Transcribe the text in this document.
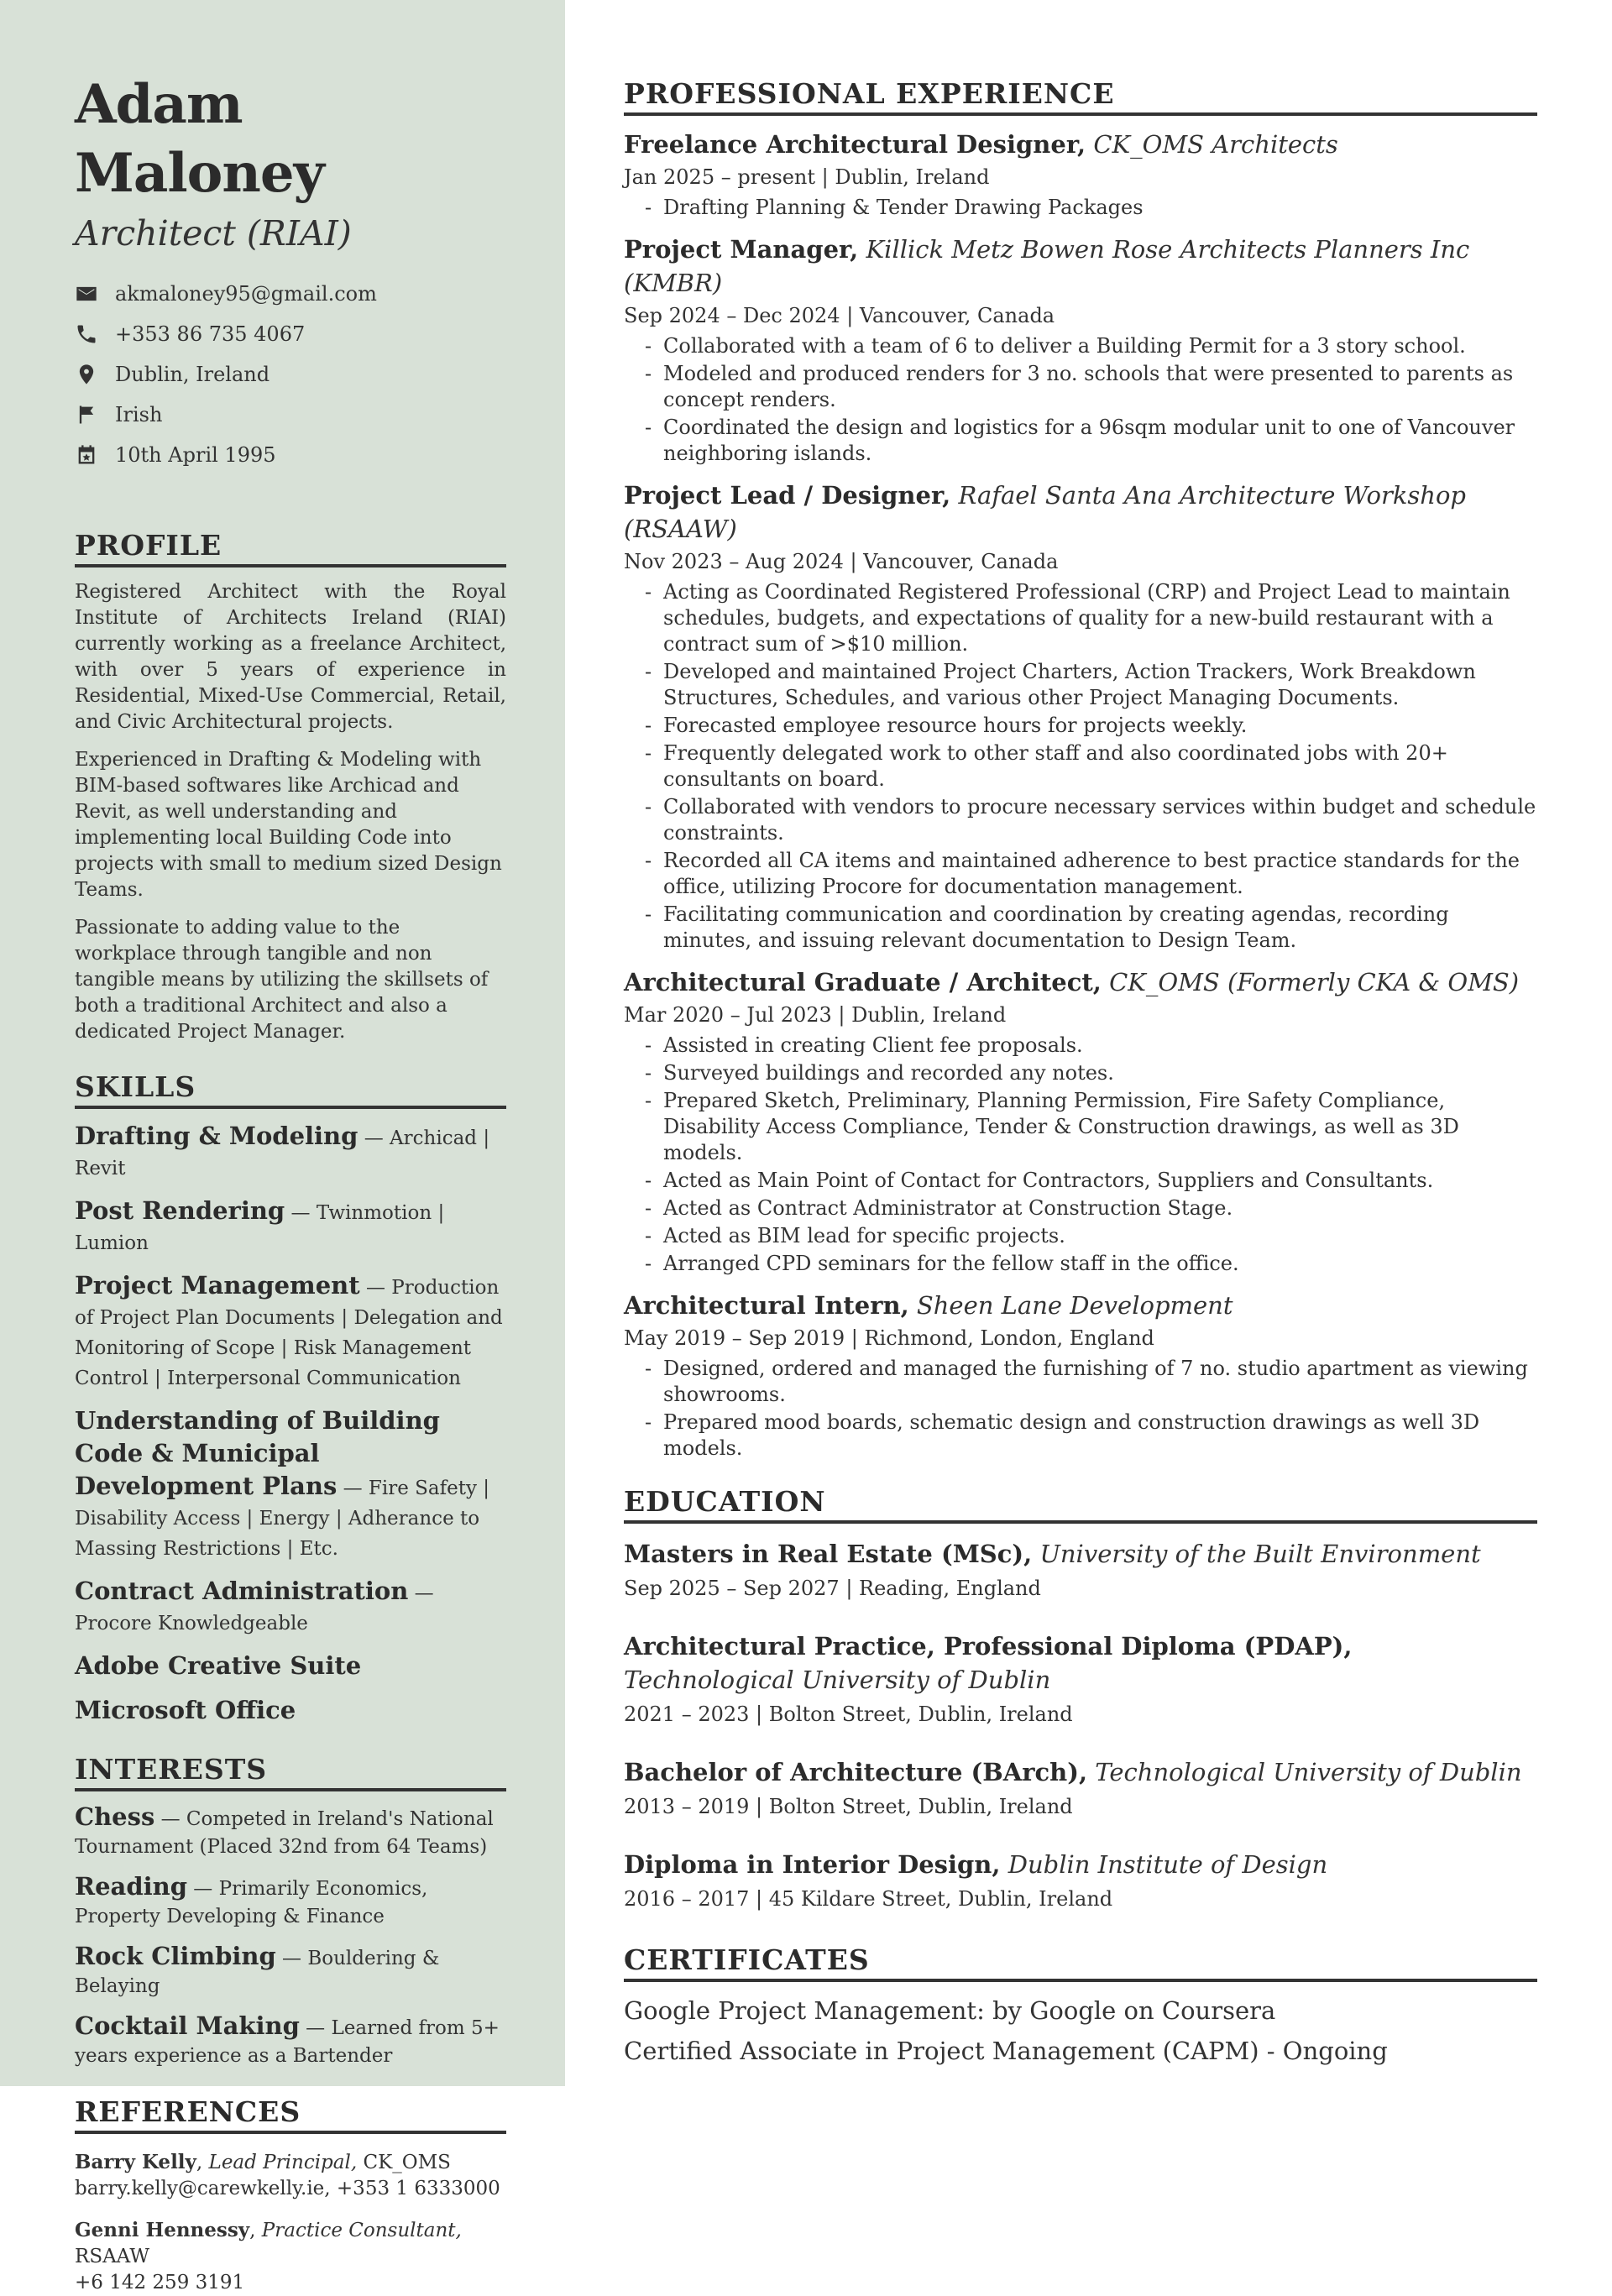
Adam Maloney
Architect (RIAI)
akmaloney95@gmail.com
+353 86 735 4067
Dublin, Ireland
Irish
10th April 1995
PROFILE

Registered Architect with the Royal Institute of Architects Ireland (RIAI) currently working as a freelance Architect, with over 5 years of experience in Residential, Mixed-Use Commercial, Retail, and Civic Architectural projects.

Experienced in Drafting & Modeling with BIM-based softwares like Archicad and Revit, as well understanding and implementing local Building Code into projects with small to medium sized Design Teams.

Passionate to adding value to the workplace through tangible and non tangible means by utilizing the skillsets of both a traditional Architect and also a dedicated Project Manager.

SKILLS
Drafting & Modeling — Archicad | Revit
Post Rendering — Twinmotion | Lumion
Project Management — Production of Project Plan Documents | Delegation and Monitoring of Scope | Risk Management Control | Interpersonal Communication
Understanding of Building Code & Municipal Development Plans — Fire Safety | Disability Access | Energy | Adherance to Massing Restrictions | Etc.
Contract Administration — Procore Knowledgeable
Adobe Creative Suite
Microsoft Office
INTERESTS
Chess — Competed in Ireland's National Tournament (Placed 32nd from 64 Teams)
Reading — Primarily Economics, Property Developing & Finance
Rock Climbing — Bouldering & Belaying
Cocktail Making — Learned from 5+ years experience as a Bartender
REFERENCES
Barry Kelly, Lead Principal, CK_OMS
barry.kelly@carewkelly.ie, +353 1 6333000
Genni Hennessy, Practice Consultant, RSAAW
+6 142 259 3191
PROFESSIONAL EXPERIENCE
Freelance Architectural Designer, CK_OMS Architects
Jan 2025 – present | Dublin, Ireland
- Drafting Planning & Tender Drawing Packages
Project Manager, Killick Metz Bowen Rose Architects Planners Inc (KMBR)
Sep 2024 – Dec 2024 | Vancouver, Canada
- Collaborated with a team of 6 to deliver a Building Permit for a 3 story school.
- Modeled and produced renders for 3 no. schools that were presented to parents as concept renders.
- Coordinated the design and logistics for a 96sqm modular unit to one of Vancouver neighboring islands.
Project Lead / Designer, Rafael Santa Ana Architecture Workshop (RSAAW)
Nov 2023 – Aug 2024 | Vancouver, Canada
- Acting as Coordinated Registered Professional (CRP) and Project Lead to maintain schedules, budgets, and expectations of quality for a new-build restaurant with a contract sum of >$10 million.
- Developed and maintained Project Charters, Action Trackers, Work Breakdown Structures, Schedules, and various other Project Managing Documents.
- Forecasted employee resource hours for projects weekly.
- Frequently delegated work to other staff and also coordinated jobs with 20+ consultants on board.
- Collaborated with vendors to procure necessary services within budget and schedule constraints.
- Recorded all CA items and maintained adherence to best practice standards for the office, utilizing Procore for documentation management.
- Facilitating communication and coordination by creating agendas, recording minutes, and issuing relevant documentation to Design Team.
Architectural Graduate / Architect, CK_OMS (Formerly CKA & OMS)
Mar 2020 – Jul 2023 | Dublin, Ireland
- Assisted in creating Client fee proposals.
- Surveyed buildings and recorded any notes.
- Prepared Sketch, Preliminary, Planning Permission, Fire Safety Compliance, Disability Access Compliance, Tender & Construction drawings, as well as 3D models.
- Acted as Main Point of Contact for Contractors, Suppliers and Consultants.
- Acted as Contract Administrator at Construction Stage.
- Acted as BIM lead for specific projects.
- Arranged CPD seminars for the fellow staff in the office.
Architectural Intern, Sheen Lane Development
May 2019 – Sep 2019 | Richmond, London, England
- Designed, ordered and managed the furnishing of 7 no. studio apartment as viewing showrooms.
- Prepared mood boards, schematic design and construction drawings as well 3D models.
EDUCATION
Masters in Real Estate (MSc), University of the Built Environment
Sep 2025 – Sep 2027 | Reading, England
Architectural Practice, Professional Diploma (PDAP),
Technological University of Dublin
2021 – 2023 | Bolton Street, Dublin, Ireland
Bachelor of Architecture (BArch), Technological University of Dublin
2013 – 2019 | Bolton Street, Dublin, Ireland
Diploma in Interior Design, Dublin Institute of Design
2016 – 2017 | 45 Kildare Street, Dublin, Ireland
CERTIFICATES
Google Project Management: by Google on Coursera
Certified Associate in Project Management (CAPM) - Ongoing
